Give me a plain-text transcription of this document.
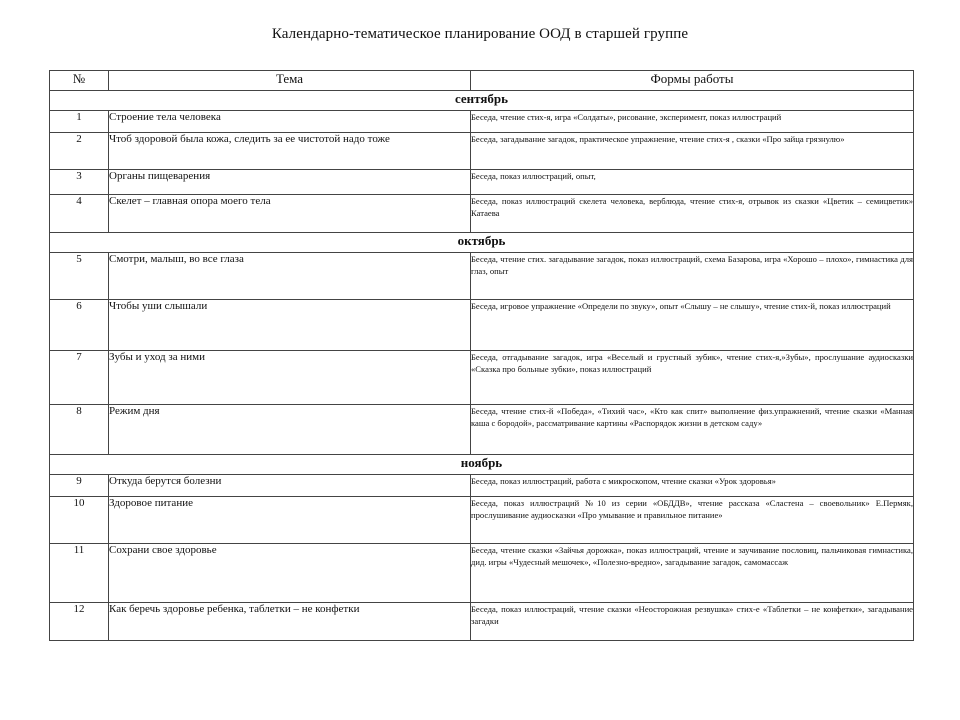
Календарно-тематическое планирование ООД в старшей группе
№	Тема	Формы работы
сентябрь		
1	Строение тела человека	Беседа, чтение стих-я, игра «Солдаты», рисование, эксперимент, показ иллюстраций
2	Чтоб здоровой была кожа, следить за ее чистотой надо тоже	Беседа, загадывание загадок, практическое упражнение, чтение стих-я , сказки «Про зайца грязнулю»
3	Органы пищеварения	Беседа, показ иллюстраций, опыт,
4	Скелет – главная опора моего тела	Беседа, показ иллюстраций скелета человека, верблюда, чтение стих-я, отрывок из сказки «Цветик – семицветик» Катаева
октябрь		
5	Смотри, малыш, во все глаза	Беседа, чтение стих. загадывание загадок, показ иллюстраций, схема Базарова, игра «Хорошо – плохо», гимнастика для глаз, опыт
6	Чтобы уши слышали	Беседа, игровое упражнение «Определи по звуку», опыт «Слышу – не слышу», чтение стих-й, показ иллюстраций
7	Зубы и уход за ними	Беседа, отгадывание загадок, игра «Веселый и грустный зубик», чтение стих-я,»Зубы», прослушание аудиосказки «Сказка про больные зубки», показ иллюстраций
8	Режим дня	Беседа, чтение стих-й «Победа», «Тихий час», «Кто как спит» выполнение физ.упражнений, чтение сказки «Манная каша с бородой», рассматривание картины «Распорядок жизни в детском саду»
ноябрь		
9	Откуда берутся болезни	Беседа, показ иллюстраций, работа с микроскопом, чтение сказки «Урок здоровья»
10	Здоровое питание	Беседа, показ иллюстраций №10 из серии «ОБДДВ», чтение рассказа «Сластена – своевольник» Е.Пермяк, прослушивание аудиосказки «Про умывание и правильное питание»
11	Сохрани свое здоровье	Беседа, чтение сказки «Зайчья дорожка», показ иллюстраций, чтение и заучивание пословиц, пальчиковая гимнастика, дид. игры «Чудесный мешочек», «Полезно-вредно», загадывание загадок, самомассаж
12	Как беречь здоровье ребенка, таблетки – не конфетки	Беседа, показ иллюстраций, чтение сказки «Неосторожная резвушка» стих-е «Таблетки – не конфетки», загадывание загадки
